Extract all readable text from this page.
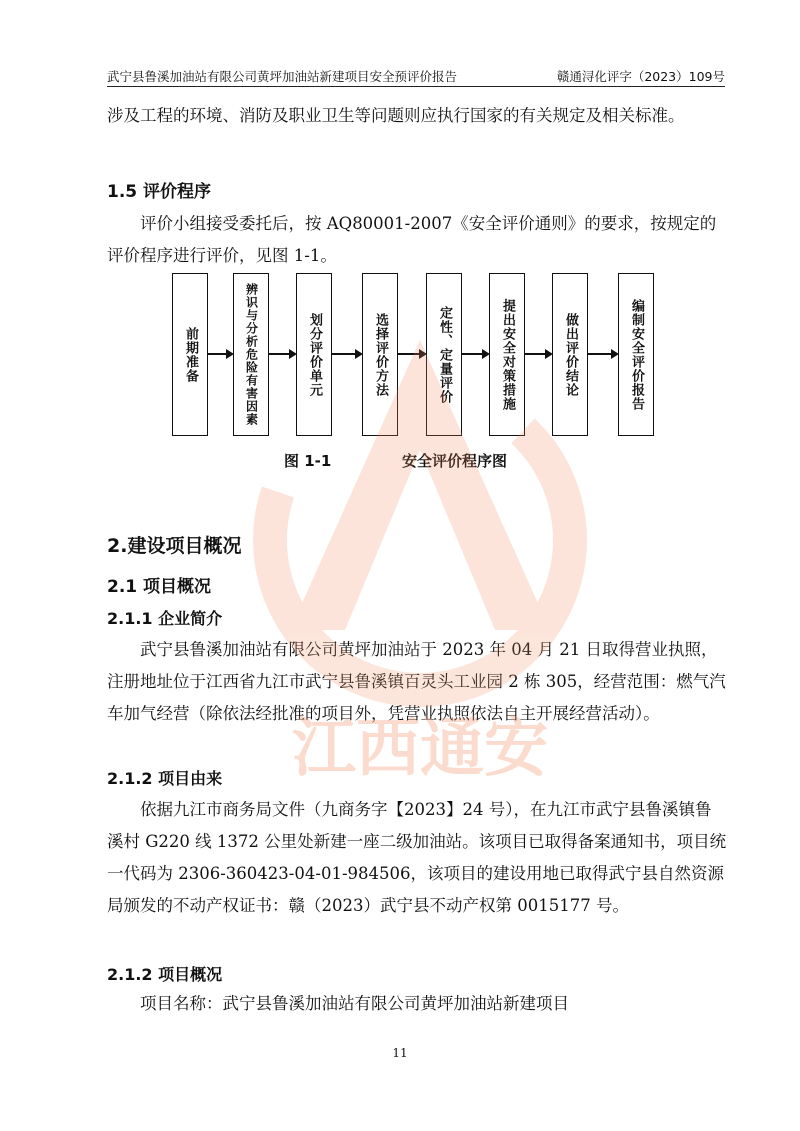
武宁县鲁溪加油站有限公司黄坪加油站新建项目安全预评价报告	赣通浔化评字（2023）109号

涉及工程的环境、消防及职业卫生等问题则应执行国家的有关规定及相关标准。

1.5 评价程序

评价小组接受委托后，按 AQ80001-2007《安全评价通则》的要求，按规定的评价程序进行评价，见图 1-1。

前期准备	辨识与分析危险有害因素	划分评价单元	选择评价方法	定性、定量评价	提出安全对策措施	做出评价结论	编制安全评价报告
图 1-1	安全评价程序图
2.建设项目概况
2.1 项目概况
2.1.1 企业简介

武宁县鲁溪加油站有限公司黄坪加油站于 2023 年 04 月 21 日取得营业执照，注册地址位于江西省九江市武宁县鲁溪镇百灵头工业园 2 栋 305，经营范围：燃气汽车加气经营（除依法经批准的项目外，凭营业执照依法自主开展经营活动）。

2.1.2 项目由来

依据九江市商务局文件（九商务字【2023】24 号），在九江市武宁县鲁溪镇鲁溪村 G220 线 1372 公里处新建一座二级加油站。该项目已取得备案通知书，项目统一代码为 2306-360423-04-01-984506，该项目的建设用地已取得武宁县自然资源局颁发的不动产权证书：赣（2023）武宁县不动产权第 0015177 号。

2.1.2 项目概况

项目名称：武宁县鲁溪加油站有限公司黄坪加油站新建项目

江西通安
11
